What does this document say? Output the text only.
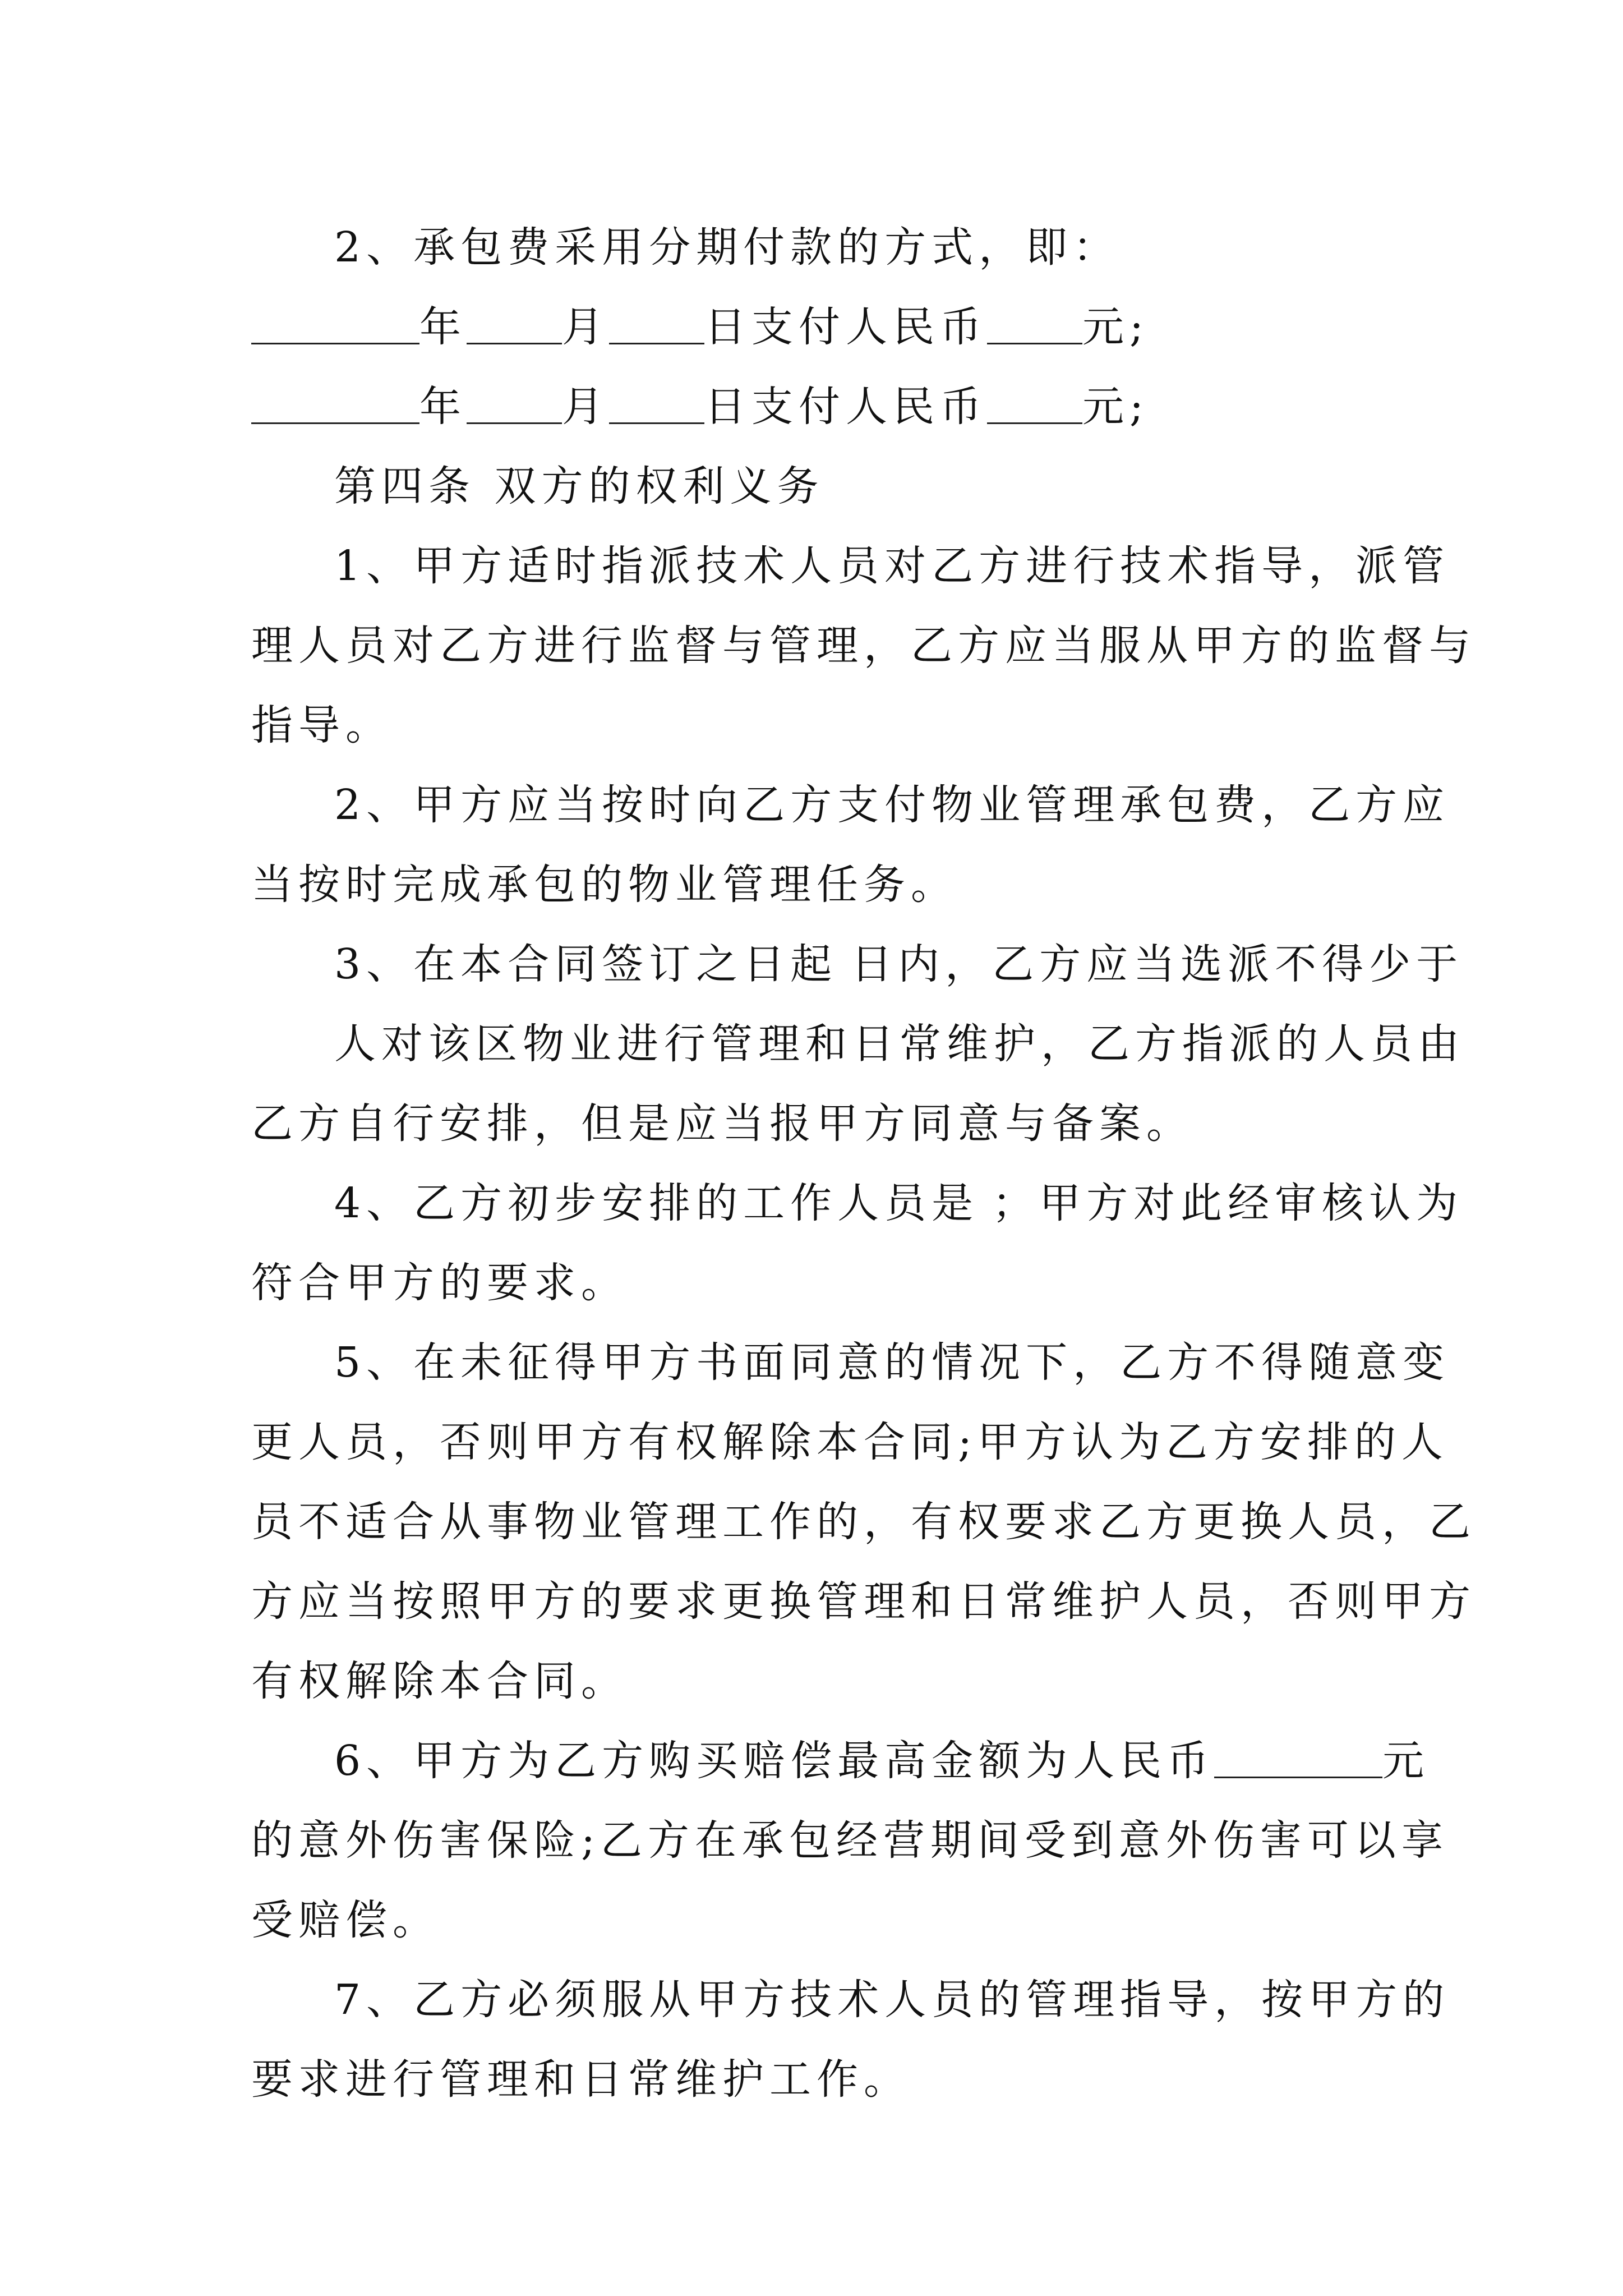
2、承包费采用分期付款的方式，即：
年 月 日支付人民币 元;
年 月 日支付人民币 元;
第四条 双方的权利义务
1、甲方适时指派技术人员对乙方进行技术指导，派管
理人员对乙方进行监督与管理，乙方应当服从甲方的监督与
指导。
2、甲方应当按时向乙方支付物业管理承包费，乙方应
当按时完成承包的物业管理任务。
3、在本合同签订之日起 日内，乙方应当选派不得少于
人对该区物业进行管理和日常维护，乙方指派的人员由
乙方自行安排，但是应当报甲方同意与备案。
4、乙方初步安排的工作人员是 ；甲方对此经审核认为
符合甲方的要求。
5、在未征得甲方书面同意的情况下，乙方不得随意变
更人员，否则甲方有权解除本合同;甲方认为乙方安排的人
员不适合从事物业管理工作的，有权要求乙方更换人员，乙
方应当按照甲方的要求更换管理和日常维护人员，否则甲方
有权解除本合同。
6、甲方为乙方购买赔偿最高金额为人民币	元
的意外伤害保险;乙方在承包经营期间受到意外伤害可以享
受赔偿。
7、乙方必须服从甲方技术人员的管理指导，按甲方的
要求进行管理和日常维护工作。
